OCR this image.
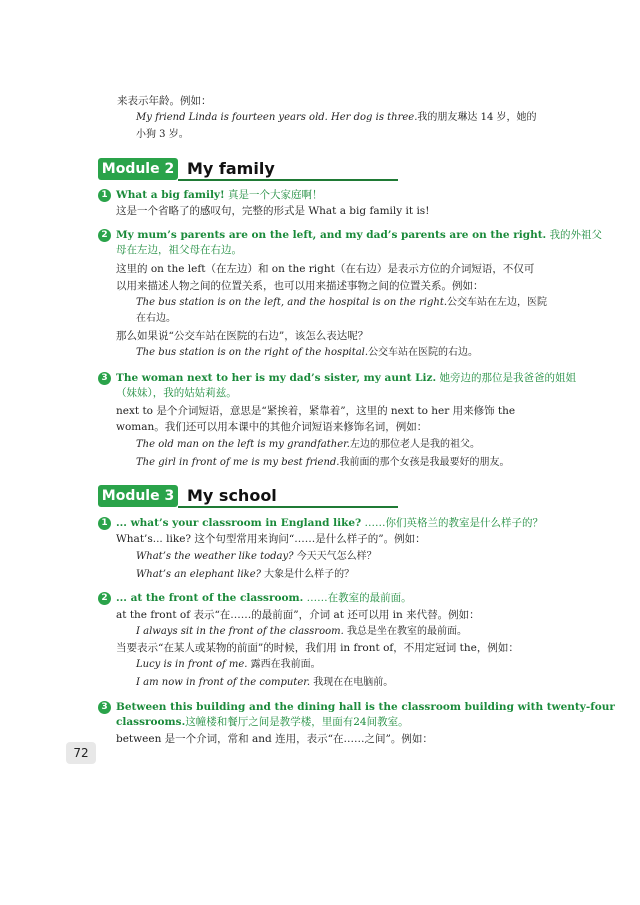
来表示年龄。例如：
My friend Linda is fourteen years old. Her dog is three.我的朋友琳达 14 岁，她的
小狗 3 岁。
Module 2 My family
1 What a big family! 真是一个大家庭啊！
这是一个省略了的感叹句，完整的形式是 What a big family it is!
2 My mum’s parents are on the left, and my dad’s parents are on the right. 我的外祖父
母在左边，祖父母在右边。
这里的 on the left（在左边）和 on the right（在右边）是表示方位的介词短语，不仅可
以用来描述人物之间的位置关系，也可以用来描述事物之间的位置关系。例如：
The bus station is on the left, and the hospital is on the right.公交车站在左边，医院
在右边。
那么如果说“公交车站在医院的右边”，该怎么表达呢？
The bus station is on the right of the hospital.公交车站在医院的右边。
3 The woman next to her is my dad’s sister, my aunt Liz. 她旁边的那位是我爸爸的姐姐
（妹妹），我的姑姑莉兹。
next to 是个介词短语，意思是“紧挨着，紧靠着”，这里的 next to her 用来修饰 the
woman。我们还可以用本课中的其他介词短语来修饰名词，例如：
The old man on the left is my grandfather.左边的那位老人是我的祖父。
The girl in front of me is my best friend.我前面的那个女孩是我最要好的朋友。
Module 3 My school
1 ... what’s your classroom in England like? ……你们英格兰的教室是什么样子的？
What’s... like? 这个句型常用来询问“……是什么样子的”。例如：
What’s the weather like today? 今天天气怎么样？
What’s an elephant like? 大象是什么样子的？
2 ... at the front of the classroom. ……在教室的最前面。
at the front of 表示“在……的最前面”，介词 at 还可以用 in 来代替。例如：
I always sit in the front of the classroom. 我总是坐在教室的最前面。
当要表示“在某人或某物的前面”的时候，我们用 in front of，不用定冠词 the，例如：
Lucy is in front of me. 露西在我前面。
I am now in front of the computer. 我现在在电脑前。
3 Between this building and the dining hall is the classroom building with twenty-four
classrooms.这幢楼和餐厅之间是教学楼，里面有24间教室。
between 是一个介词，常和 and 连用，表示“在……之间”。例如：
72
